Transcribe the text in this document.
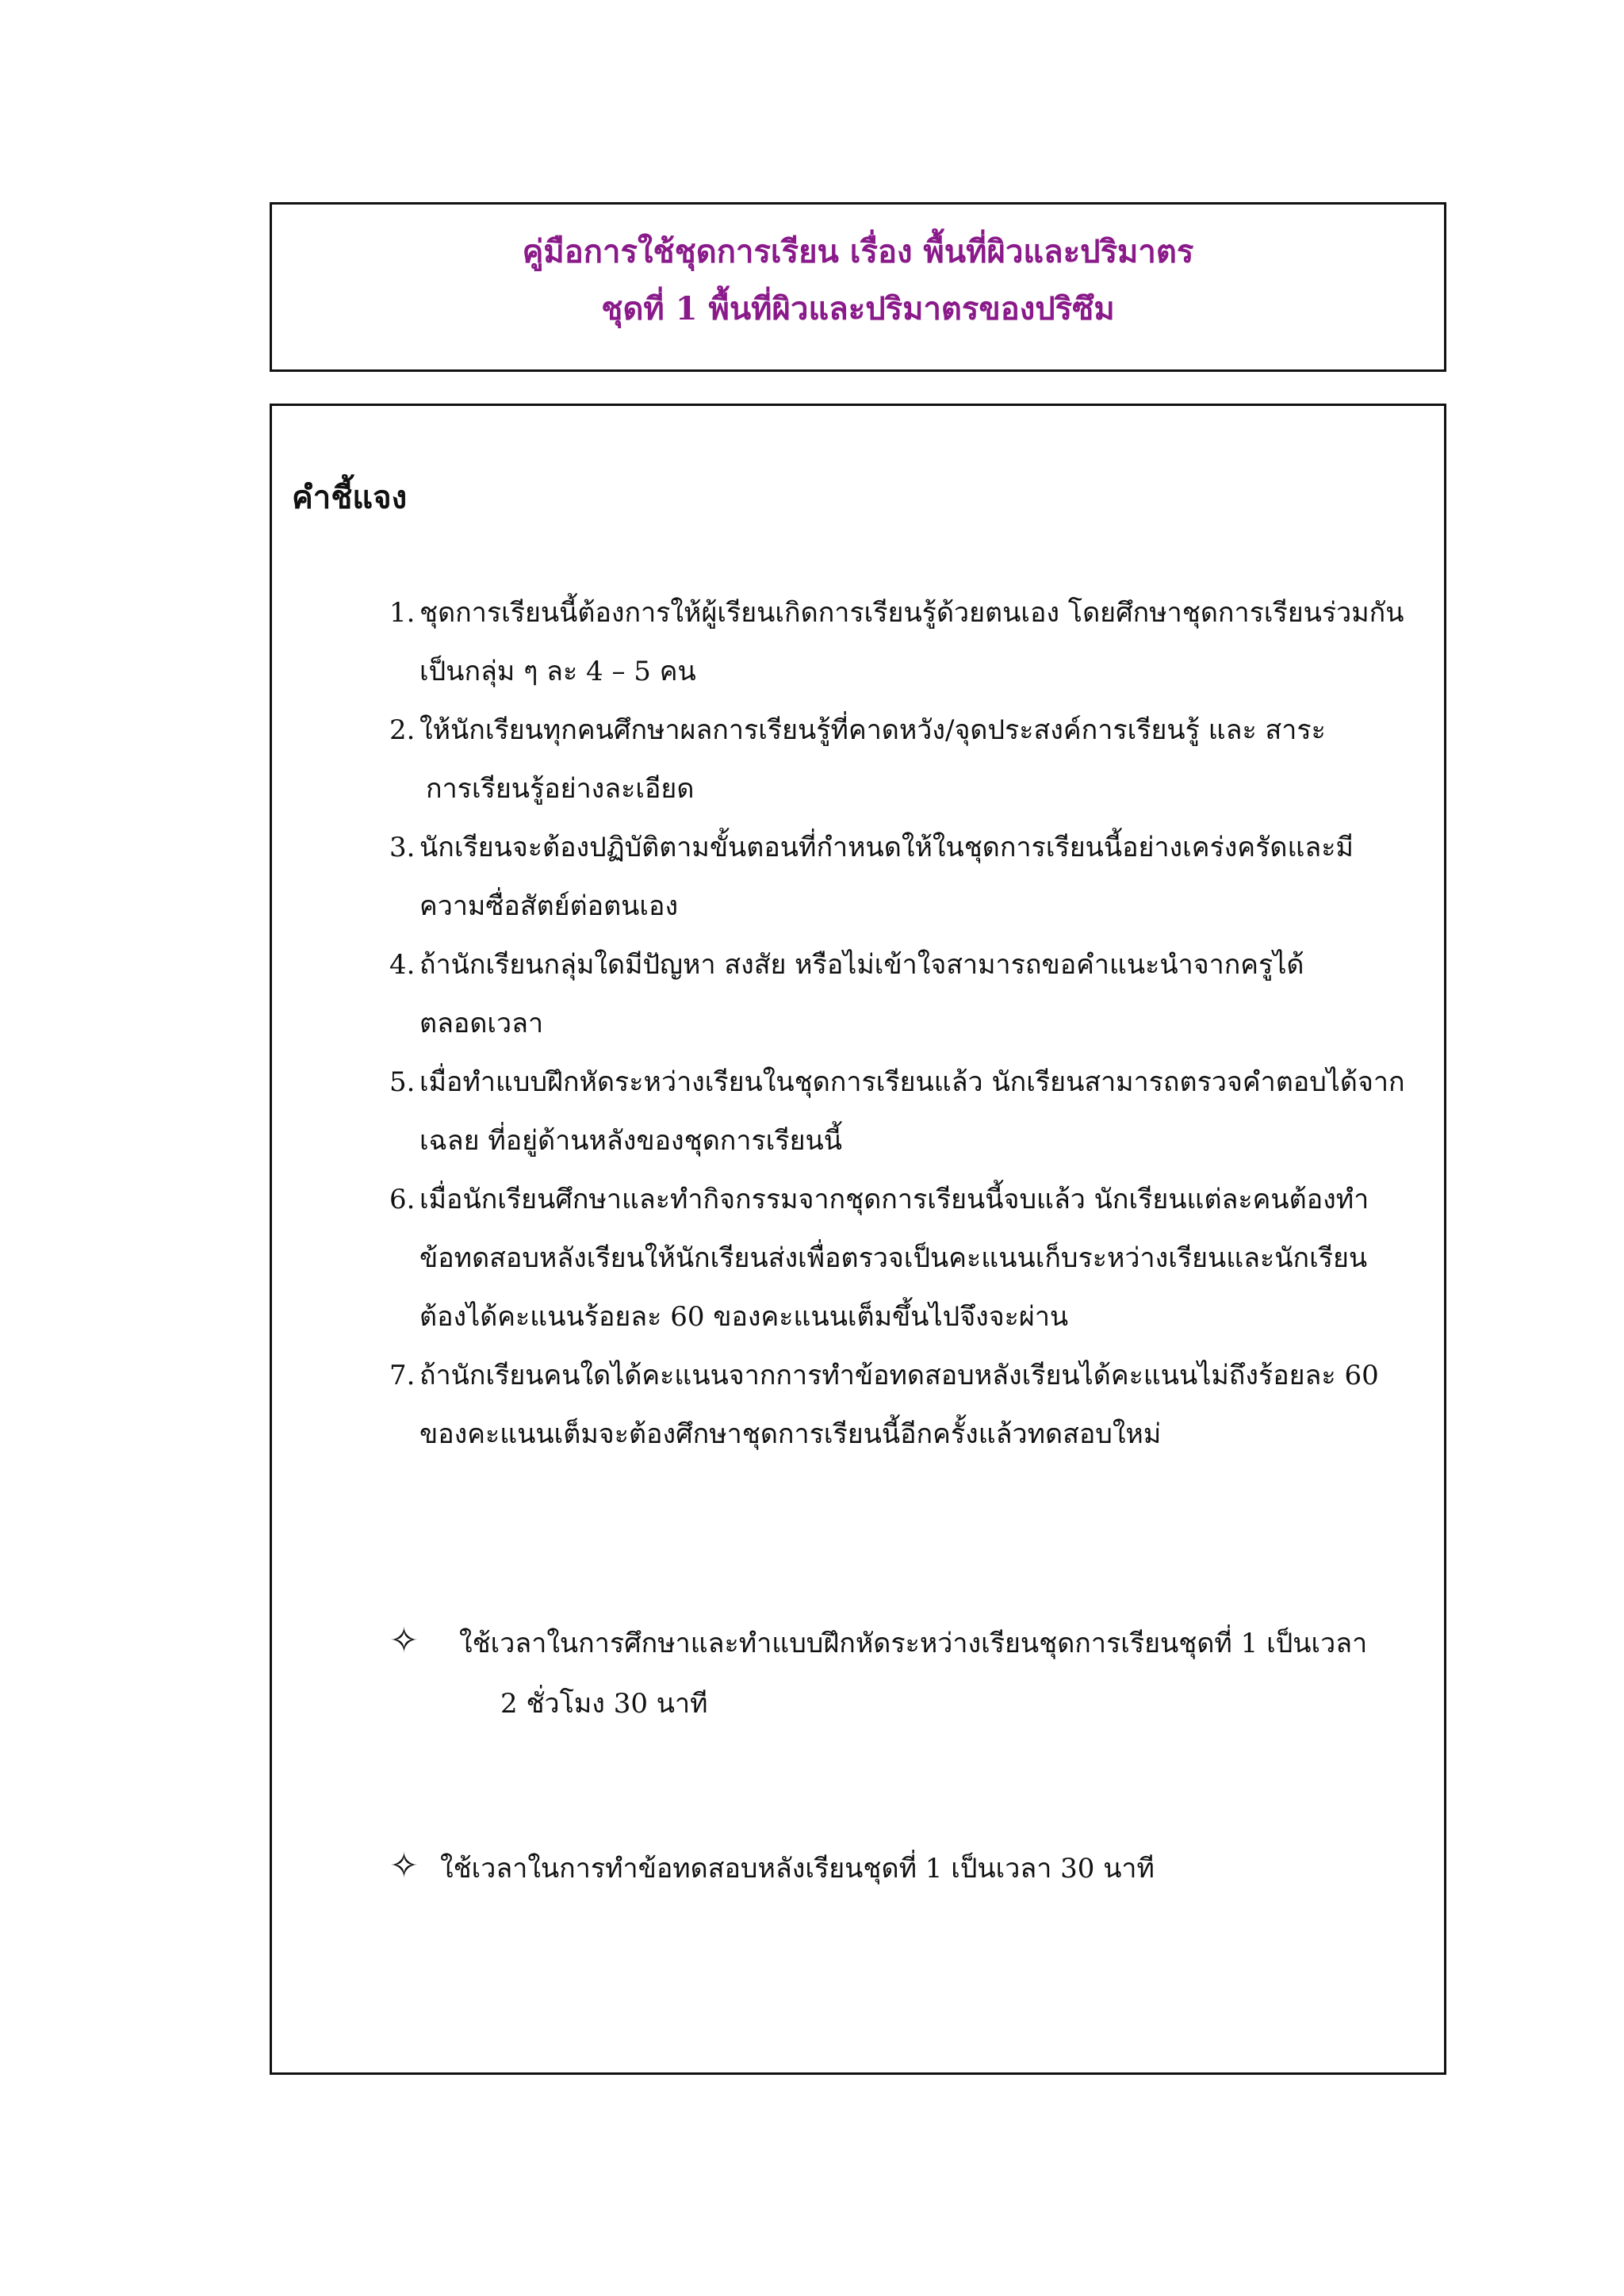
คู่มือการใช้ชุดการเรียน เรื่อง พื้นที่ผิวและปริมาตร
ชุดที่ 1 พื้นที่ผิวและปริมาตรของปริซึม
คำชี้แจง
1. ชุดการเรียนนี้ต้องการให้ผู้เรียนเกิดการเรียนรู้ด้วยตนเอง โดยศึกษาชุดการเรียนร่วมกัน
เป็นกลุ่ม ๆ ละ 4 – 5 คน
2. ให้นักเรียนทุกคนศึกษาผลการเรียนรู้ที่คาดหวัง/จุดประสงค์การเรียนรู้ และ สาระ
การเรียนรู้อย่างละเอียด
3. นักเรียนจะต้องปฏิบัติตามขั้นตอนที่กำหนดให้ในชุดการเรียนนี้อย่างเคร่งครัดและมี
ความซื่อสัตย์ต่อตนเอง
4. ถ้านักเรียนกลุ่มใดมีปัญหา สงสัย หรือไม่เข้าใจสามารถขอคำแนะนำจากครูได้
ตลอดเวลา
5. เมื่อทำแบบฝึกหัดระหว่างเรียนในชุดการเรียนแล้ว นักเรียนสามารถตรวจคำตอบได้จาก
เฉลย ที่อยู่ด้านหลังของชุดการเรียนนี้
6. เมื่อนักเรียนศึกษาและทำกิจกรรมจากชุดการเรียนนี้จบแล้ว นักเรียนแต่ละคนต้องทำ
ข้อทดสอบหลังเรียนให้นักเรียนส่งเพื่อตรวจเป็นคะแนนเก็บระหว่างเรียนและนักเรียน
ต้องได้คะแนนร้อยละ 60 ของคะแนนเต็มขึ้นไปจึงจะผ่าน
7. ถ้านักเรียนคนใดได้คะแนนจากการทำข้อทดสอบหลังเรียนได้คะแนนไม่ถึงร้อยละ 60
ของคะแนนเต็มจะต้องศึกษาชุดการเรียนนี้อีกครั้งแล้วทดสอบใหม่
✧ ใช้เวลาในการศึกษาและทำแบบฝึกหัดระหว่างเรียนชุดการเรียนชุดที่ 1 เป็นเวลา
2 ชั่วโมง 30 นาที
✧ ใช้เวลาในการทำข้อทดสอบหลังเรียนชุดที่ 1 เป็นเวลา 30 นาที
